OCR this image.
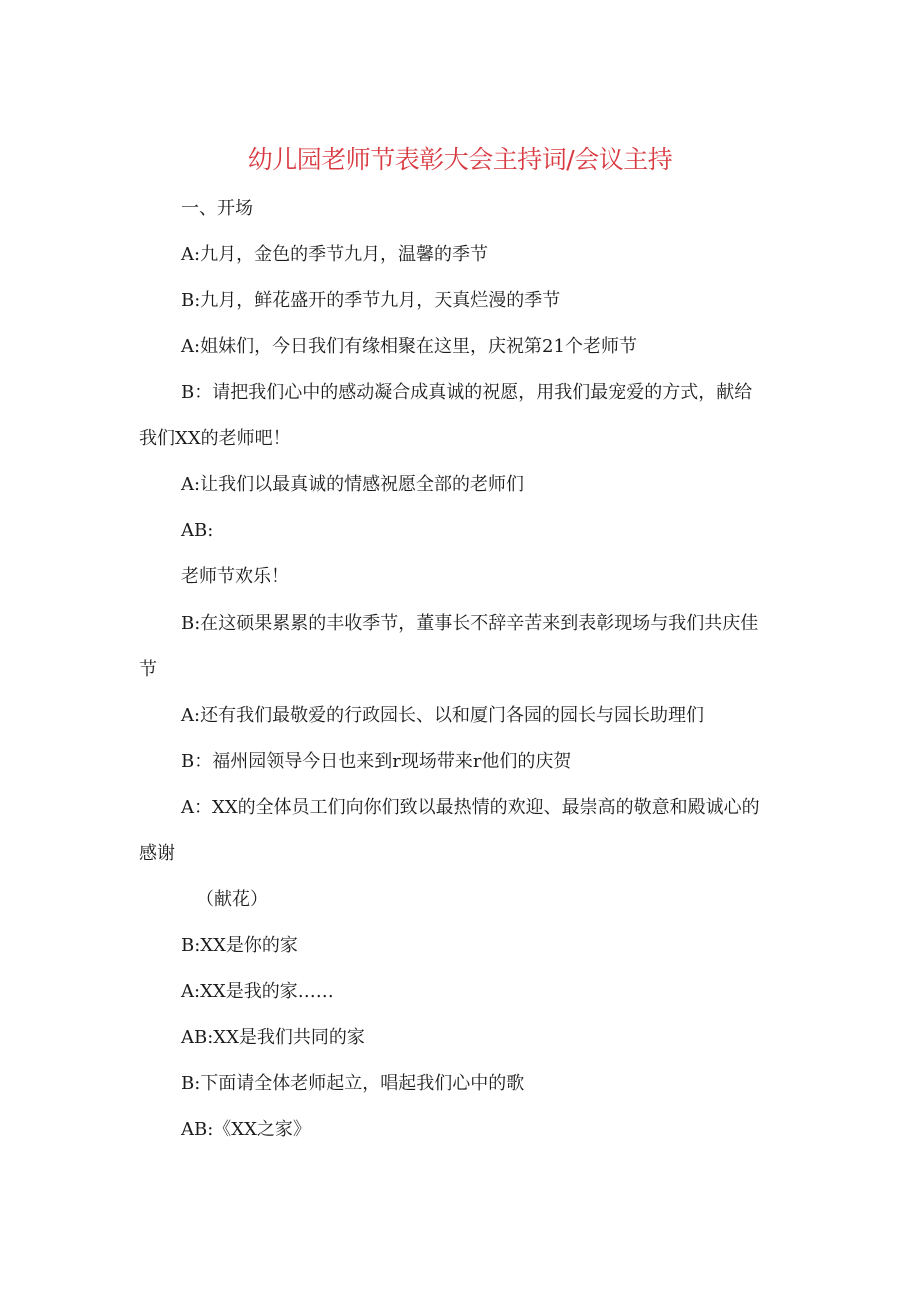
幼儿园老师节表彰大会主持词/会议主持
一、开场
A:九月，金色的季节九月，温馨的季节
B:九月，鲜花盛开的季节九月，天真烂漫的季节
A:姐妹们，今日我们有缘相聚在这里，庆祝第21个老师节
B：请把我们心中的感动凝合成真诚的祝愿，用我们最宠爱的方式，献给
我们XX的老师吧！
A:让我们以最真诚的情感祝愿全部的老师们
AB:
老师节欢乐！
B:在这硕果累累的丰收季节，董事长不辞辛苦来到表彰现场与我们共庆佳
节
A:还有我们最敬爱的行政园长、以和厦门各园的园长与园长助理们
B：福州园领导今日也来到r现场带来r他们的庆贺
A：XX的全体员工们向你们致以最热情的欢迎、最崇高的敬意和殿诚心的
感谢
（献花）
B:XX是你的家
A:XX是我的家……
AB:XX是我们共同的家
B:下面请全体老师起立，唱起我们心中的歌
AB:《XX之家》
